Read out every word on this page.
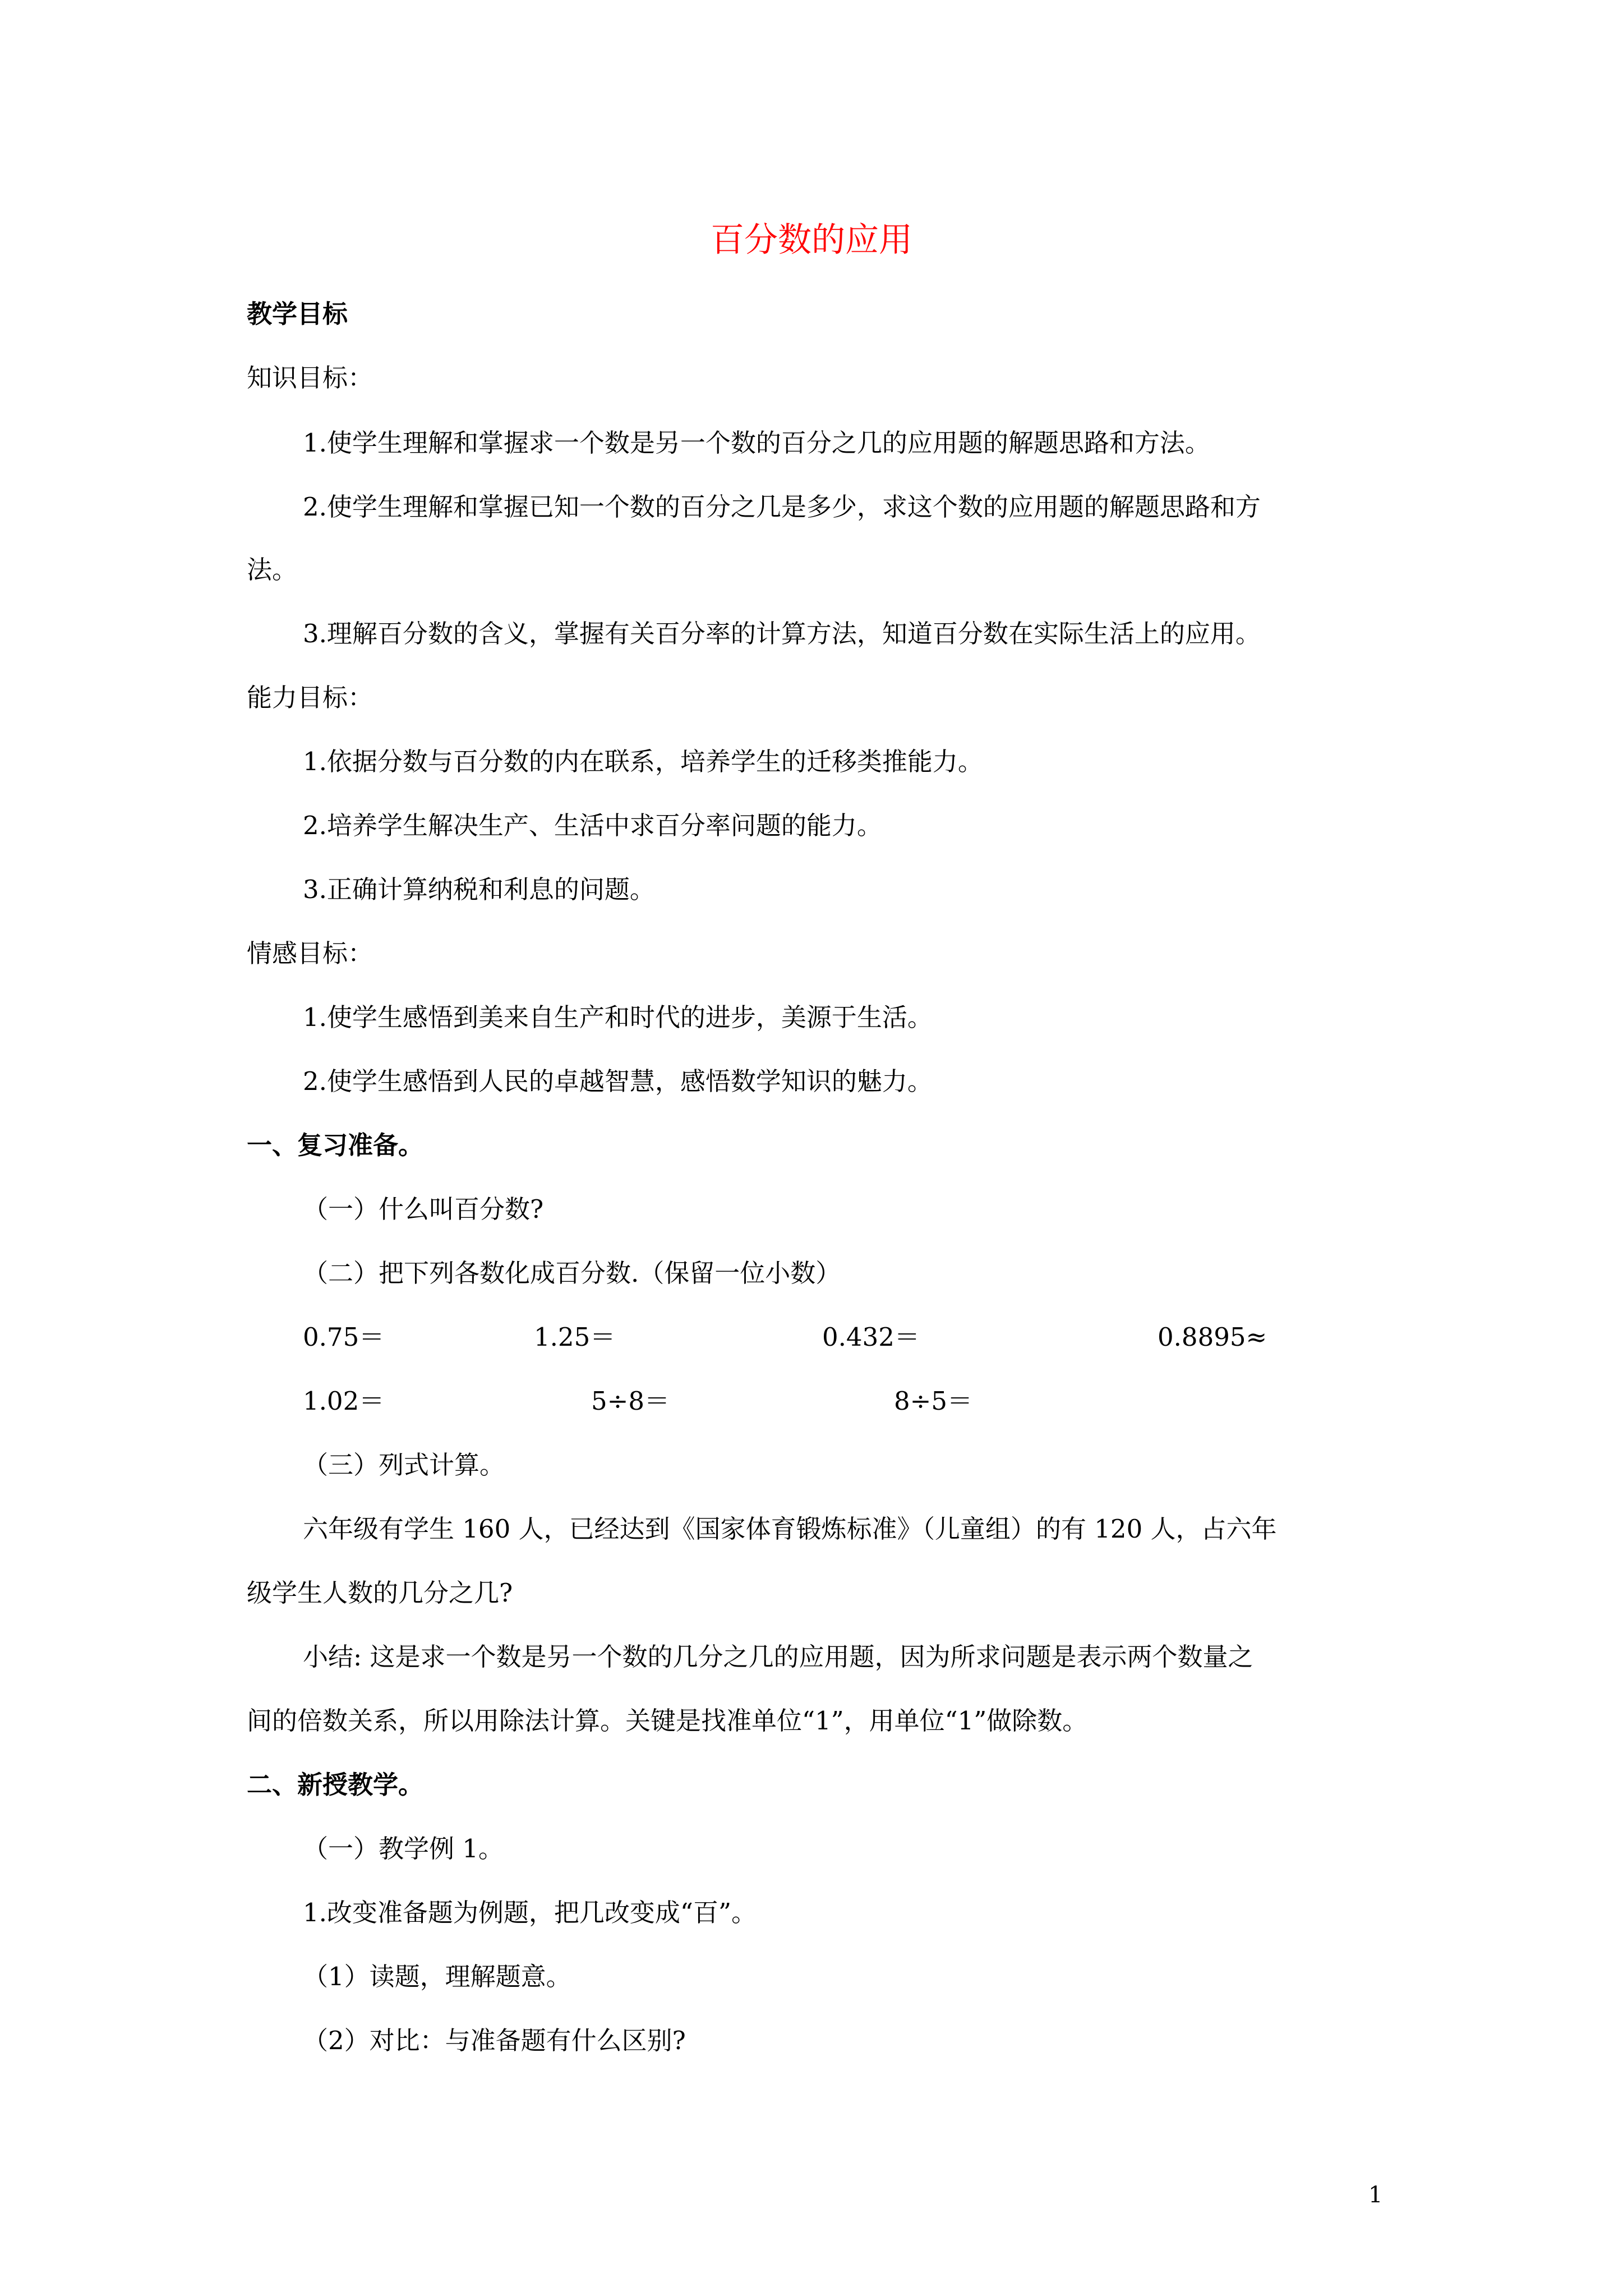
百分数的应用
教学目标
知识目标：
1.使学生理解和掌握求一个数是另一个数的百分之几的应用题的解题思路和方法。
2.使学生理解和掌握已知一个数的百分之几是多少，求这个数的应用题的解题思路和方
法。
3.理解百分数的含义，掌握有关百分率的计算方法，知道百分数在实际生活上的应用。
能力目标：
1.依据分数与百分数的内在联系，培养学生的迁移类推能力。
2.培养学生解决生产、生活中求百分率问题的能力。
3.正确计算纳税和利息的问题。
情感目标：
1.使学生感悟到美来自生产和时代的进步，美源于生活。
2.使学生感悟到人民的卓越智慧，感悟数学知识的魅力。
一、复习准备。
（一）什么叫百分数?
（二）把下列各数化成百分数.（保留一位小数）
0.75＝	1.25＝	0.432＝	0.8895≈
1.02＝	5÷8＝	8÷5＝
（三）列式计算。
六年级有学生 160 人，已经达到《国家体育锻炼标准》（儿童组）的有 120 人，占六年
级学生人数的几分之几?
小结: 这是求一个数是另一个数的几分之几的应用题，因为所求问题是表示两个数量之
间的倍数关系，所以用除法计算。关键是找准单位“1”，用单位“1”做除数。
二、新授教学。
（一）教学例 1。
1.改变准备题为例题，把几改变成“百”。
（1）读题，理解题意。
（2）对比：与准备题有什么区别?
1
